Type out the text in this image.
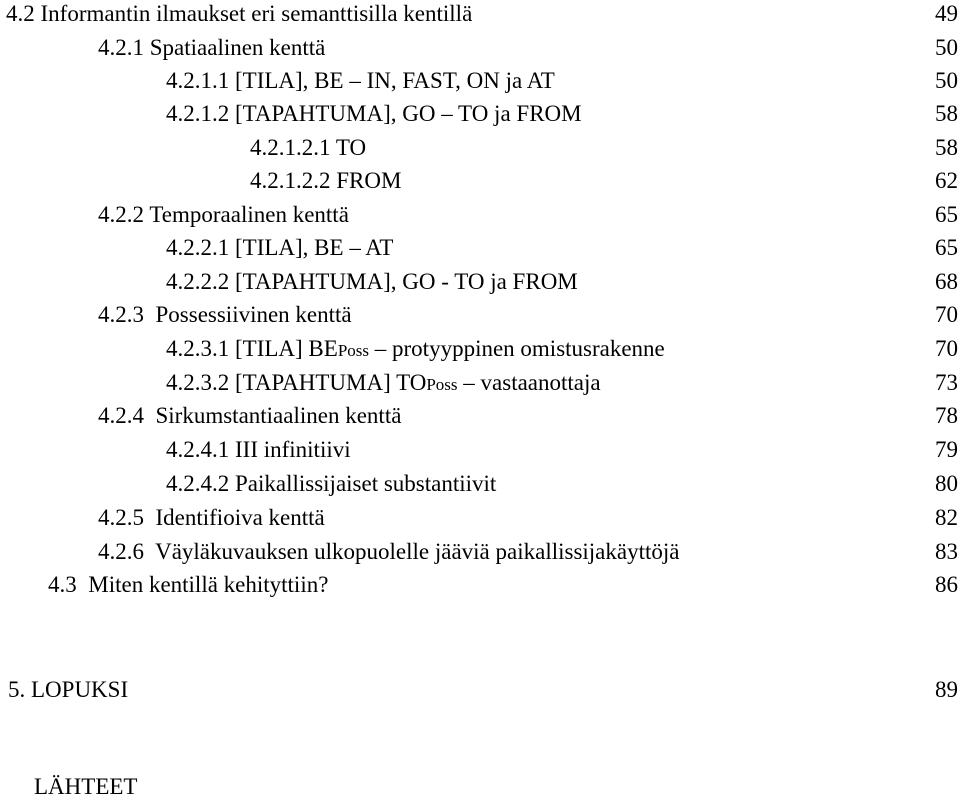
4.2 Informantin ilmaukset eri semanttisilla kentillä	49
4.2.1 Spatiaalinen kenttä	50
4.2.1.1 [TILA], BE – IN, FAST, ON ja AT	50
4.2.1.2 [TAPAHTUMA], GO – TO ja FROM	58
4.2.1.2.1 TO	58
4.2.1.2.2 FROM	62
4.2.2 Temporaalinen kenttä	65
4.2.2.1 [TILA], BE – AT	65
4.2.2.2 [TAPAHTUMA], GO - TO ja FROM	68
4.2.3 Possessiivinen kenttä	70
4.2.3.1 [TILA] BEPoss – protyyppinen omistusrakenne	70
4.2.3.2 [TAPAHTUMA] TOPoss – vastaanottaja	73
4.2.4 Sirkumstantiaalinen kenttä	78
4.2.4.1 III infinitiivi	79
4.2.4.2 Paikallissijaiset substantiivit	80
4.2.5 Identifioiva kenttä	82
4.2.6 Väyläkuvauksen ulkopuolelle jääviä paikallissijakäyttöjä	83
4.3 Miten kentillä kehityttiin?	86
5. LOPUKSI	89
LÄHTEET
